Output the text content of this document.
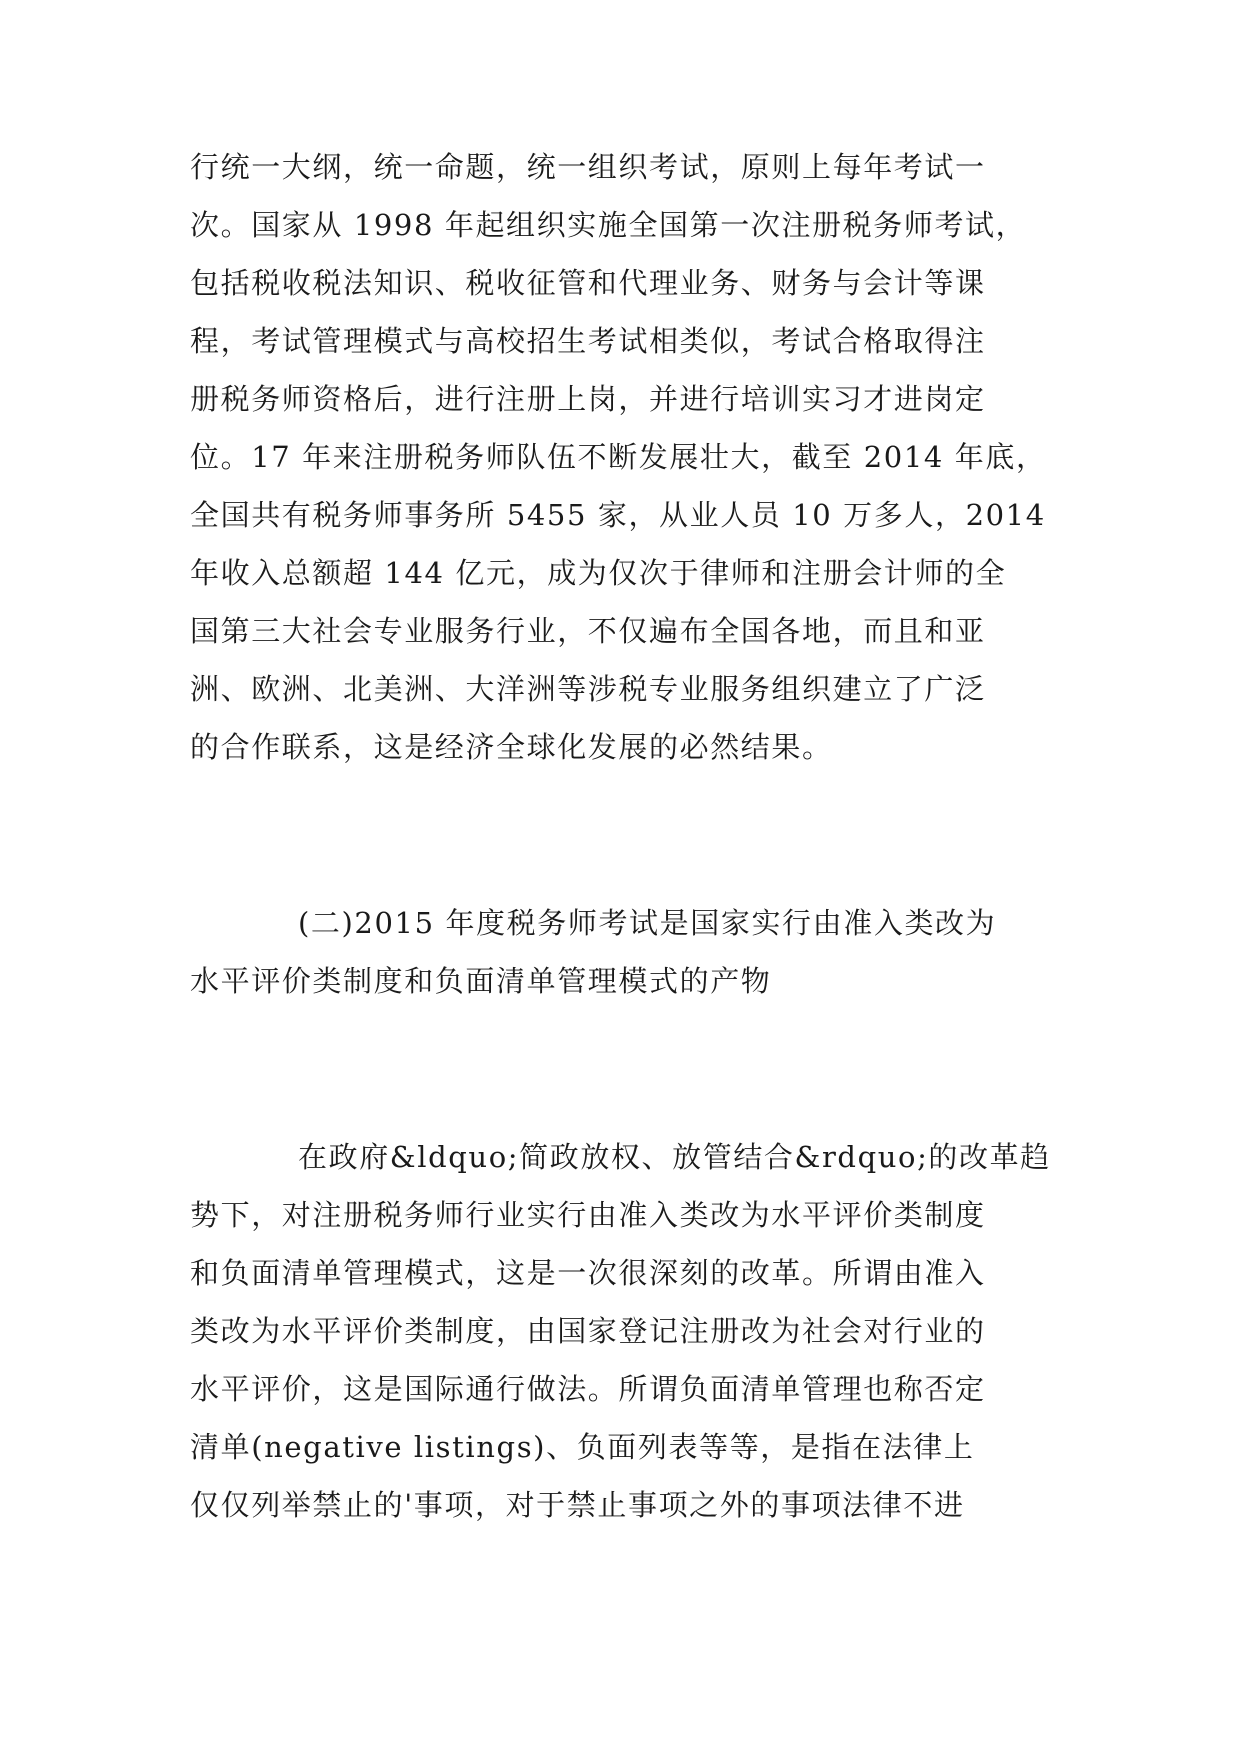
行统一大纲，统一命题，统一组织考试，原则上每年考试一
次。国家从 1998 年起组织实施全国第一次注册税务师考试，
包括税收税法知识、税收征管和代理业务、财务与会计等课
程，考试管理模式与高校招生考试相类似，考试合格取得注
册税务师资格后，进行注册上岗，并进行培训实习才进岗定
位。17 年来注册税务师队伍不断发展壮大，截至 2014 年底，
全国共有税务师事务所 5455 家，从业人员 10 万多人，2014
年收入总额超 144 亿元，成为仅次于律师和注册会计师的全
国第三大社会专业服务行业，不仅遍布全国各地，而且和亚
洲、欧洲、北美洲、大洋洲等涉税专业服务组织建立了广泛
的合作联系，这是经济全球化发展的必然结果。
(二)2015 年度税务师考试是国家实行由准入类改为
水平评价类制度和负面清单管理模式的产物
在政府&ldquo;简政放权、放管结合&rdquo;的改革趋
势下，对注册税务师行业实行由准入类改为水平评价类制度
和负面清单管理模式，这是一次很深刻的改革。所谓由准入
类改为水平评价类制度，由国家登记注册改为社会对行业的
水平评价，这是国际通行做法。所谓负面清单管理也称否定
清单(negative listings)、负面列表等等，是指在法律上
仅仅列举禁止的'事项，对于禁止事项之外的事项法律不进
